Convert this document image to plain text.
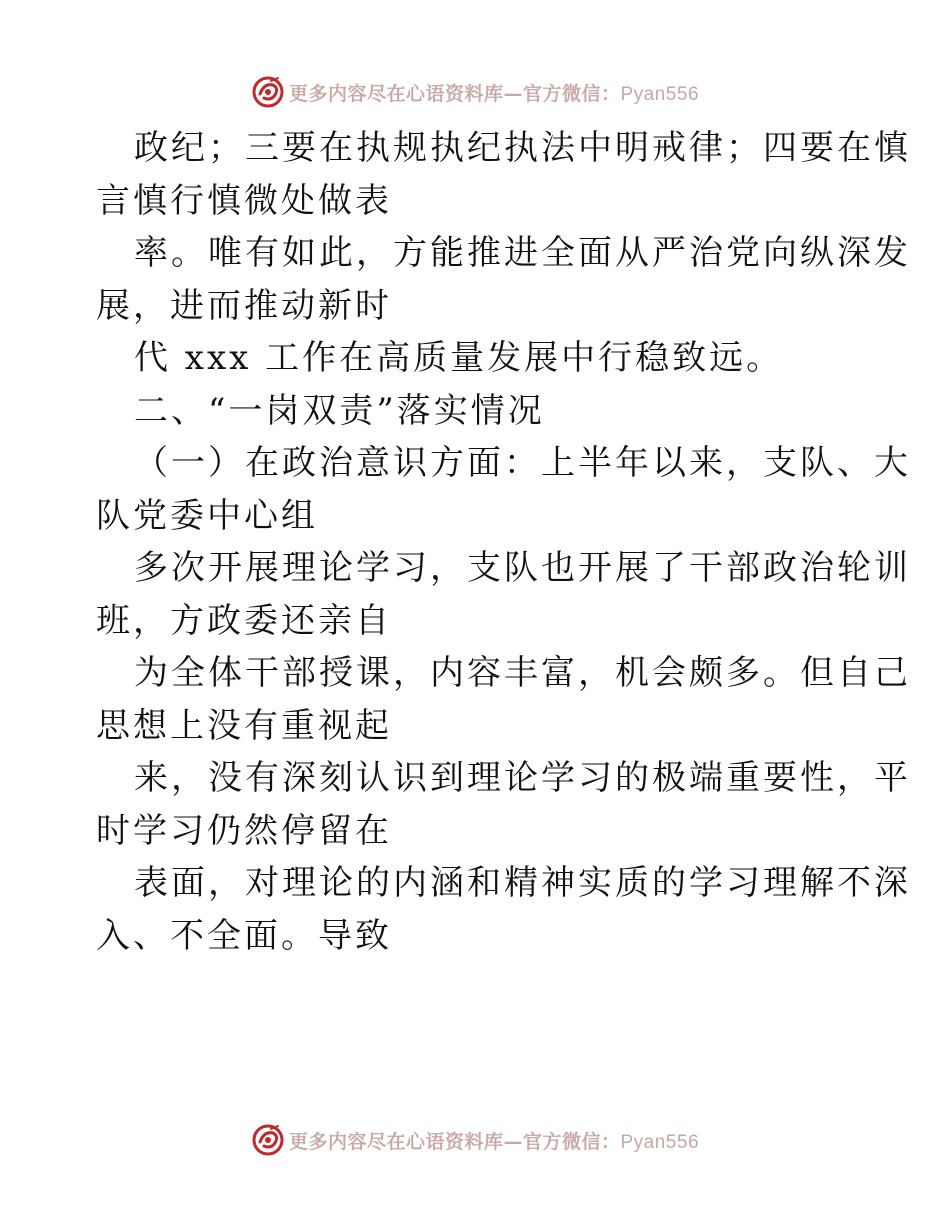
更多内容尽在心语资料库—官方微信：Pyan556

政纪；三要在执规执纪执法中明戒律；四要在慎
言慎行慎微处做表

率。唯有如此，方能推进全面从严治党向纵深发
展，进而推动新时

代 xxx 工作在高质量发展中行稳致远。

二、“一岗双责”落实情况

（一）在政治意识方面：上半年以来，支队、大
队党委中心组

多次开展理论学习，支队也开展了干部政治轮训
班，方政委还亲自

为全体干部授课，内容丰富，机会颇多。但自己
思想上没有重视起

来，没有深刻认识到理论学习的极端重要性，平
时学习仍然停留在

表面，对理论的内涵和精神实质的学习理解不深
入、不全面。导致

更多内容尽在心语资料库—官方微信：Pyan556
